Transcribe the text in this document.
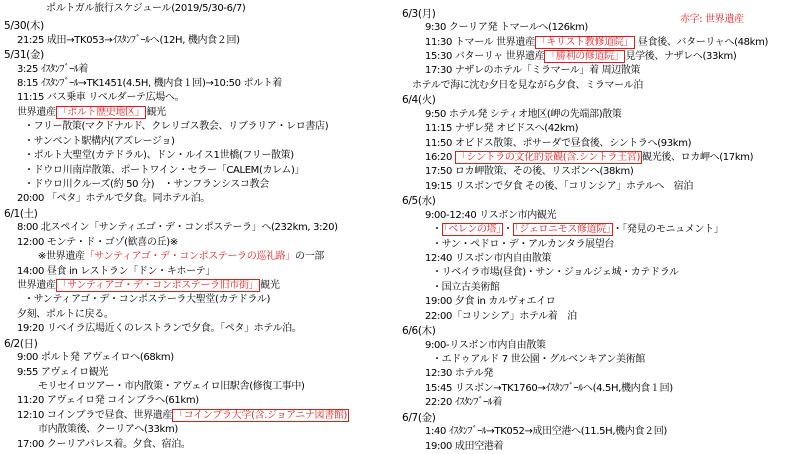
ポルトガル旅行スケジュール(2019/5/30-6/7)
赤字: 世界遺産
5/30(木)
21:25 成田→TK053→ｲｽﾀﾝﾌﾞｰﾙへ(12H, 機内食２回)
5/31(金)
3:25 ｲｽﾀﾝﾌﾞｰﾙ着
8:15 ｲｽﾀﾝﾌﾞｰﾙ→TK1451(4.5H, 機内食１回)→10:50 ポルト着
11:15 バス乗車 リベルダーテ広場へ。
世界遺産 「ポルト歴史地区」 観光
・フリー散策(マクドナルド、クレリゴス教会、リブラリア・レロ書店)
・サンベント駅構内(アズレージョ)
・ポルト大聖堂(カテドラル)、ドン・ルイス1世橋(フリー散策)
・ドウロ川南岸散策、ポートワイン・セラー「CALEM(カレム)」
・ドウロ川クルーズ(約 50 分)　・サンフランシスコ教会
20:00 「ペタ」ホテルで夕食。同ホテル泊。
6/1(土)
8:00 北スペイン「サンティエゴ・デ・コンポステーラ」へ(232km, 3:20)
12:00 モンテ・ド・ゴゾ(歓喜の丘)※
※世界遺産「サンティアゴ・デ・コンポステーラの巡礼路」の一部
14:00 昼食 in レストラン「ドン・キホーテ」
世界遺産 「サンティアゴ・デ・コンポステーラ旧市街」 観光
・サンティアゴ・デ・コンポステーラ大聖堂(カテドラル)
夕刻、ポルトに戻る。
19:20 リベイラ広場近くのレストランで夕食。「ペタ」ホテル泊。
6/2(日)
9:00 ポルト発 アヴェイロへ(68km)
9:55 アヴェイロ観光
モリセイロツアー・市内散策・アヴェイロ旧駅舎(修復工事中)
11:20 アヴェイロ発 コインブラへ(61km)
12:10 コインブラで昼食、世界遺産 「コインブラ大学(含.ジョアニナ図書館)
市内散策後、クーリアへ(33km)
17:00 クーリアパレス着。夕食、宿泊。
6/3(月)
9:30 クーリア発 トマールへ(126km)
11:30 トマール 世界遺産 「キリスト教修道院」 昼食後、バターリャへ(48km)
15:30 バターリャ 世界遺産 「勝利の修道院」 見学後、ナザレへ(33km)
17:30 ナザレのホテル「ミラマール」着 周辺散策
ホテルで海に沈む夕日を見ながら夕食、ミラマール泊
6/4(火)
9:50 ホテル発 シティオ地区(岬の先端部)散策
11:15 ナザレ発 オビドスへ(42km)
11:50 オビドス散策、ポサーダで昼食後、シントラへ(93km)
16:20 「シントラの文化的景観(含.シントラ王宮) 観光後、ロカ岬へ(17km)
17:50 ロカ岬散策、その後、リスボンへ(38km)
19:15 リスボンで夕食 その後、「コリンシア」ホテルへ　宿泊
6/5(水)
9:00-12:40 リスボン市内観光
・ 「ベレンの塔」 ・ 「ジェロニモス修道院」 ・「発見のモニュメント」
・サン・ペドロ・デ・アルカンタラ展望台
12:40 リスボン市内自由散策
・リベイラ市場(昼食)・サン・ジョルジェ城・カテドラル
・国立古美術館
19:00 夕食 in カルヴォエイロ
22:00「コリンシア」ホテル着　泊
6/6(木)
9:00-リスボン市内自由散策
・エドゥアルド 7 世公園・グルベンキアン美術館
12:30 ホテル発
15:45 リスボン→TK1760→ｲｽﾀﾝﾌﾞｰﾙへ(4.5H,機内食１回)
22:20 ｲｽﾀﾝﾌﾞｰﾙ着
6/7(金)
1:40 ｲｽﾀﾝﾌﾞｰﾙ→TK052→成田空港へ(11.5H,機内食２回)
19:00 成田空港着
